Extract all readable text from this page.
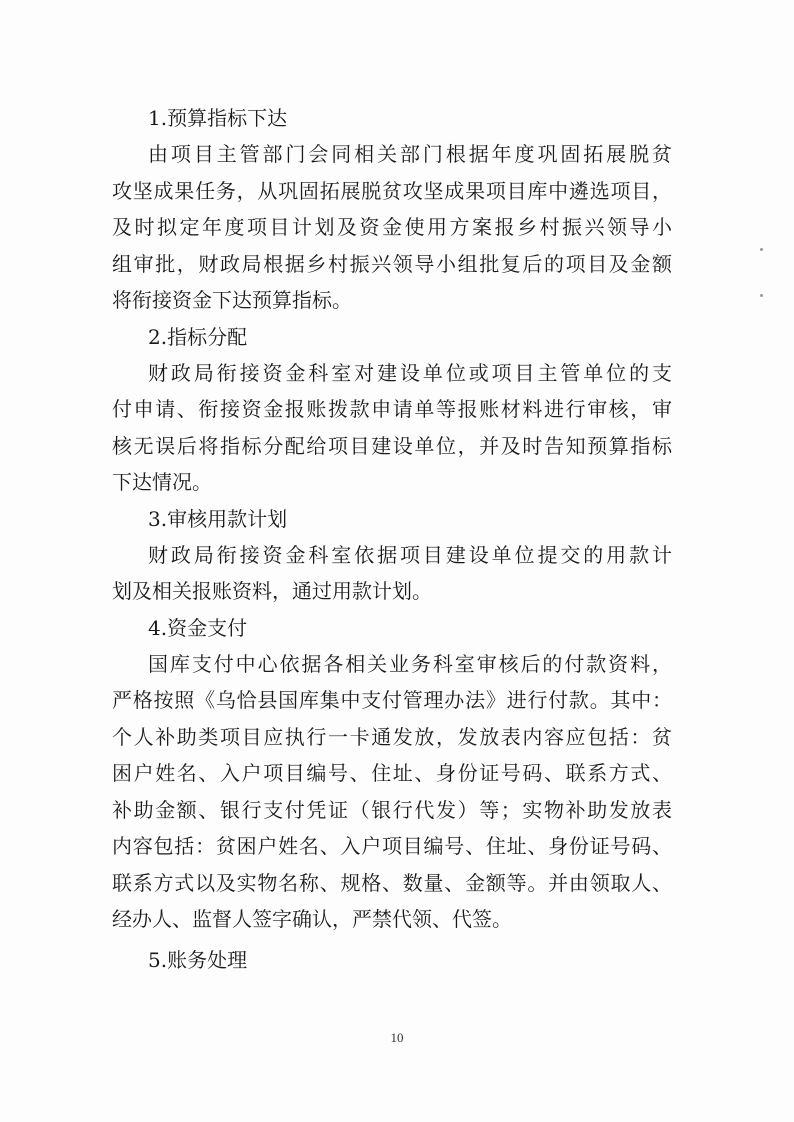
1.预算指标下达

由项目主管部门会同相关部门根据年度巩固拓展脱贫
攻坚成果任务，从巩固拓展脱贫攻坚成果项目库中遴选项目，
及时拟定年度项目计划及资金使用方案报乡村振兴领导小
组审批，财政局根据乡村振兴领导小组批复后的项目及金额
将衔接资金下达预算指标。

2.指标分配

财政局衔接资金科室对建设单位或项目主管单位的支
付申请、衔接资金报账拨款申请单等报账材料进行审核，审
核无误后将指标分配给项目建设单位，并及时告知预算指标
下达情况。

3.审核用款计划

财政局衔接资金科室依据项目建设单位提交的用款计
划及相关报账资料，通过用款计划。

4.资金支付

国库支付中心依据各相关业务科室审核后的付款资料，
严格按照《乌恰县国库集中支付管理办法》进行付款。其中：
个人补助类项目应执行一卡通发放，发放表内容应包括：贫
困户姓名、入户项目编号、住址、身份证号码、联系方式、
补助金额、银行支付凭证（银行代发）等；实物补助发放表
内容包括：贫困户姓名、入户项目编号、住址、身份证号码、
联系方式以及实物名称、规格、数量、金额等。并由领取人、
经办人、监督人签字确认，严禁代领、代签。

5.账务处理

10
